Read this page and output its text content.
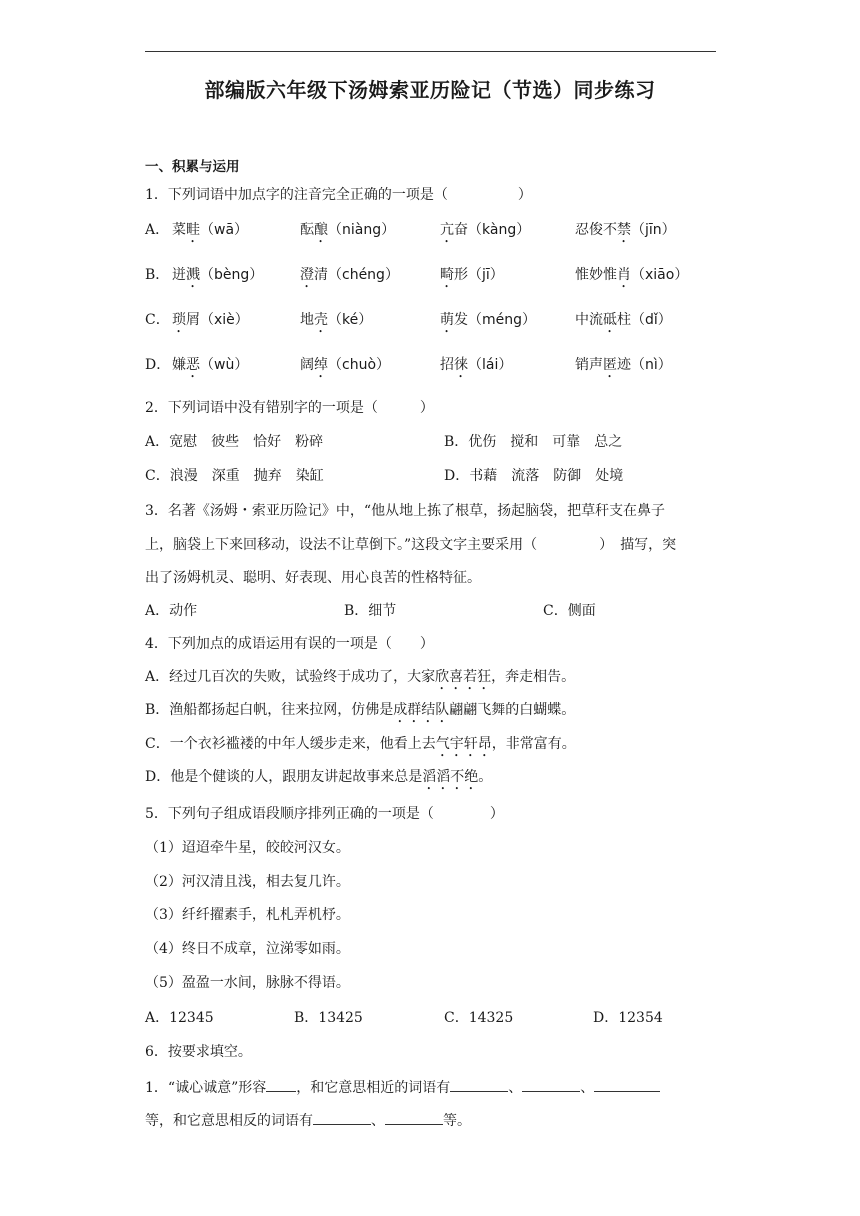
部编版六年级下汤姆索亚历险记（节选）同步练习
一、积累与运用
1．下列词语中加点字的注音完全正确的一项是（　　　　　）
A． 菜畦（wā）	酝酿（niàng）	亢奋（kàng）	忍俊不禁（jīn）
B． 迸溅（bèng）	澄清（chéng）	畸形（jī）	惟妙惟肖（xiāo）
C． 琐屑（xiè）	地壳（ké）	萌发（méng）	中流砥柱（dǐ）
D． 嫌恶（wù）	阔绰（chuò）	招徕（lái）	销声匿迹（nì）
2．下列词语中没有错别字的一项是（　　　）
A．宽慰　彼些　恰好　粉碎	B．优伤　搅和　可靠　总之
C．浪漫　深重　抛弃　染缸	D．书藉　流落　防御　处境
3．名著《汤姆・索亚历险记》中，“他从地上拣了根草，扬起脑袋，把草秆支在鼻子
上，脑袋上下来回移动，设法不让草倒下。”这段文字主要采用（	）　描写，突
出了汤姆机灵、聪明、好表现、用心良苦的性格特征。
A．动作	B．细节	C．侧面
4．下列加点的成语运用有误的一项是（　　）
A．经过几百次的失败，试验终于成功了，大家欣喜若狂，奔走相告。
B．渔船都扬起白帆，往来拉网，仿佛是成群结队翩翩飞舞的白蝴蝶。
C．一个衣衫褴褛的中年人缓步走来，他看上去气宇轩昂，非常富有。
D．他是个健谈的人，跟朋友讲起故事来总是滔滔不绝。
5．下列句子组成语段顺序排列正确的一项是（　　　　）
（1）迢迢牵牛星，皎皎河汉女。
（2）河汉清且浅，相去复几许。
（3）纤纤擢素手，札札弄机杼。
（4）终日不成章，泣涕零如雨。
（5）盈盈一水间，脉脉不得语。
A．12345	B．13425	C．14325	D．12354
6．按要求填空。
1．“诚心诚意”形容 ，和它意思相近的词语有	、	、
等，和它意思相反的词语有	、	等。
